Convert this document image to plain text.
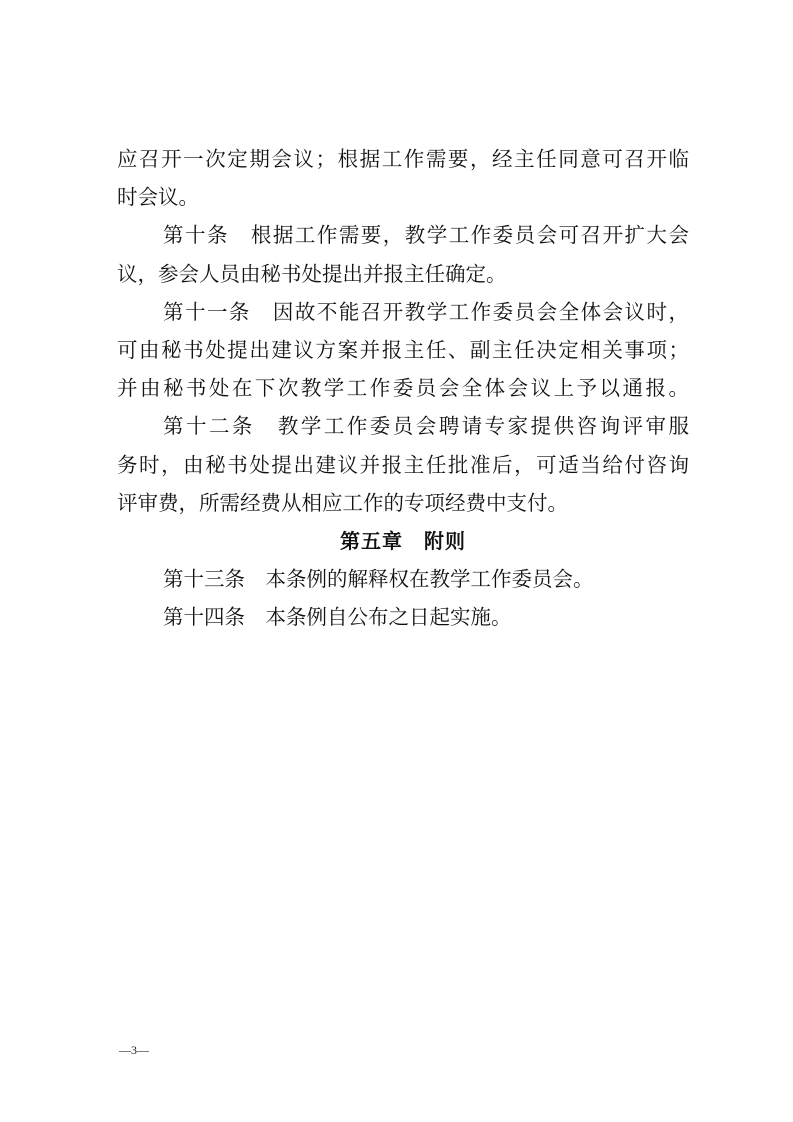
应召开一次定期会议；根据工作需要，经主任同意可召开临
时会议。
第十条　根据工作需要，教学工作委员会可召开扩大会
议，参会人员由秘书处提出并报主任确定。
第十一条　因故不能召开教学工作委员会全体会议时，
可由秘书处提出建议方案并报主任、副主任决定相关事项；
并由秘书处在下次教学工作委员会全体会议上予以通报。
第十二条　教学工作委员会聘请专家提供咨询评审服
务时，由秘书处提出建议并报主任批准后，可适当给付咨询
评审费，所需经费从相应工作的专项经费中支付。
第五章　附则
第十三条　本条例的解释权在教学工作委员会。
第十四条　本条例自公布之日起实施。
—3—
